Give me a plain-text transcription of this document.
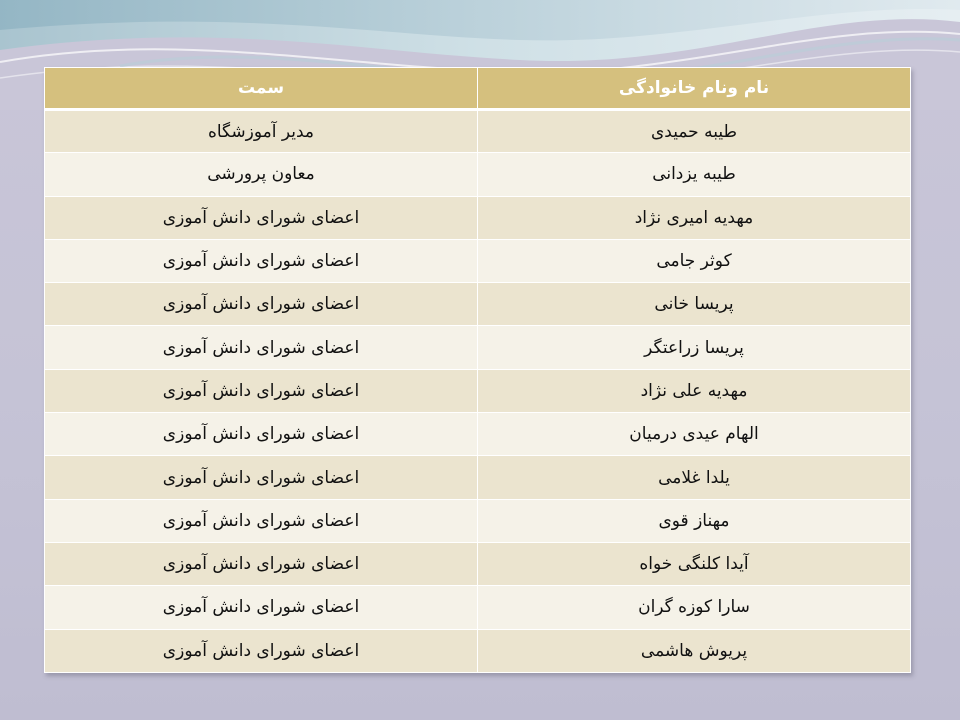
نام ونام خانوادگی	سمت
طیبه حمیدی	مدیر آموزشگاه
طیبه یزدانی	معاون پرورشی
مهدیه امیری نژاد	اعضای شورای دانش آموزی
کوثر جامی	اعضای شورای دانش آموزی
پریسا خانی	اعضای شورای دانش آموزی
پریسا زراعتگر	اعضای شورای دانش آموزی
مهدیه علی نژاد	اعضای شورای دانش آموزی
الهام عیدی درمیان	اعضای شورای دانش آموزی
یلدا غلامی	اعضای شورای دانش آموزی
مهناز قوی	اعضای شورای دانش آموزی
آیدا کلنگی خواه	اعضای شورای دانش آموزی
سارا کوزه گران	اعضای شورای دانش آموزی
پریوش هاشمی	اعضای شورای دانش آموزی
